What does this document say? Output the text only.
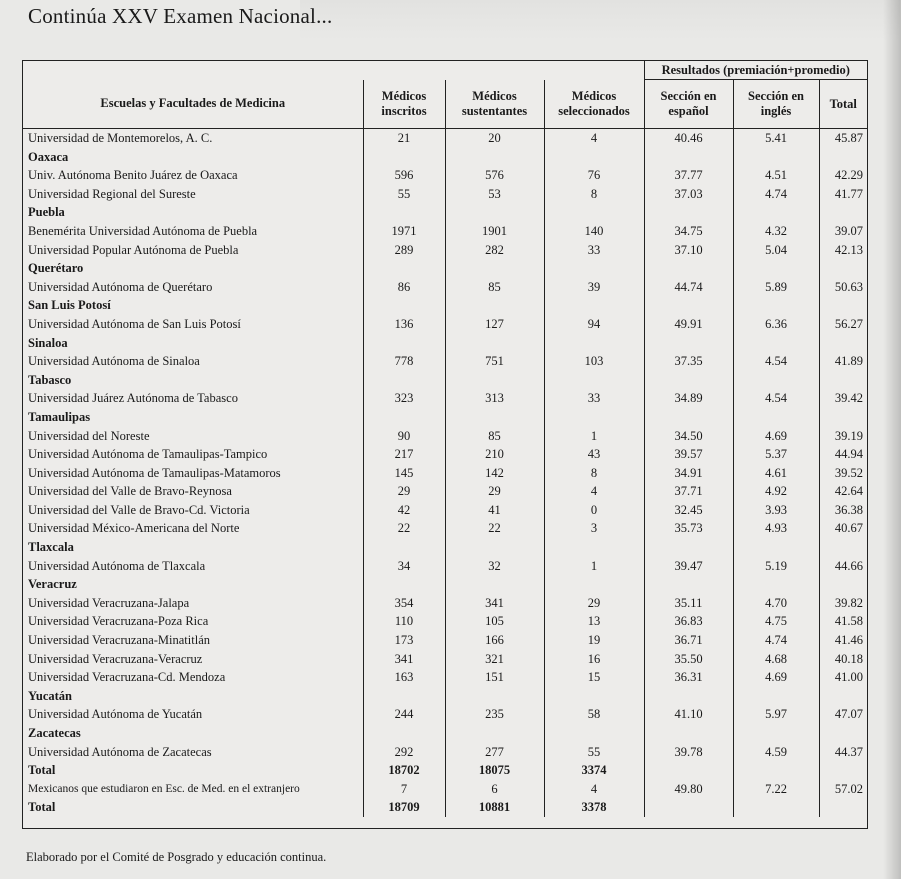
Continúa XXV Examen Nacional...
				Resultados (premiación+promedio)		
Escuelas y Facultades de Medicina	Médicos inscritos	Médicos sustentantes	Médicos seleccionados	Sección en español	Sección en inglés	Total
Universidad de Montemorelos, A. C.	21	20	4	40.46	5.41	45.87
Oaxaca						
Univ. Autónoma Benito Juárez de Oaxaca	596	576	76	37.77	4.51	42.29
Universidad Regional del Sureste	55	53	8	37.03	4.74	41.77
Puebla						
Benemérita Universidad Autónoma de Puebla	1971	1901	140	34.75	4.32	39.07
Universidad Popular Autónoma de Puebla	289	282	33	37.10	5.04	42.13
Querétaro						
Universidad Autónoma de Querétaro	86	85	39	44.74	5.89	50.63
San Luis Potosí						
Universidad Autónoma de San Luis Potosí	136	127	94	49.91	6.36	56.27
Sinaloa						
Universidad Autónoma de Sinaloa	778	751	103	37.35	4.54	41.89
Tabasco						
Universidad Juárez Autónoma de Tabasco	323	313	33	34.89	4.54	39.42
Tamaulipas						
Universidad del Noreste	90	85	1	34.50	4.69	39.19
Universidad Autónoma de Tamaulipas-Tampico	217	210	43	39.57	5.37	44.94
Universidad Autónoma de Tamaulipas-Matamoros	145	142	8	34.91	4.61	39.52
Universidad del Valle de Bravo-Reynosa	29	29	4	37.71	4.92	42.64
Universidad del Valle de Bravo-Cd. Victoria	42	41	0	32.45	3.93	36.38
Universidad México-Americana del Norte	22	22	3	35.73	4.93	40.67
Tlaxcala						
Universidad Autónoma de Tlaxcala	34	32	1	39.47	5.19	44.66
Veracruz						
Universidad Veracruzana-Jalapa	354	341	29	35.11	4.70	39.82
Universidad Veracruzana-Poza Rica	110	105	13	36.83	4.75	41.58
Universidad Veracruzana-Minatitlán	173	166	19	36.71	4.74	41.46
Universidad Veracruzana-Veracruz	341	321	16	35.50	4.68	40.18
Universidad Veracruzana-Cd. Mendoza	163	151	15	36.31	4.69	41.00
Yucatán						
Universidad Autónoma de Yucatán	244	235	58	41.10	5.97	47.07
Zacatecas						
Universidad Autónoma de Zacatecas	292	277	55	39.78	4.59	44.37
Total	18702	18075	3374			
Mexicanos que estudiaron en Esc. de Med. en el extranjero	7	6	4	49.80	7.22	57.02
Total	18709	10881	3378			
Elaborado por el Comité de Posgrado y educación continua.
